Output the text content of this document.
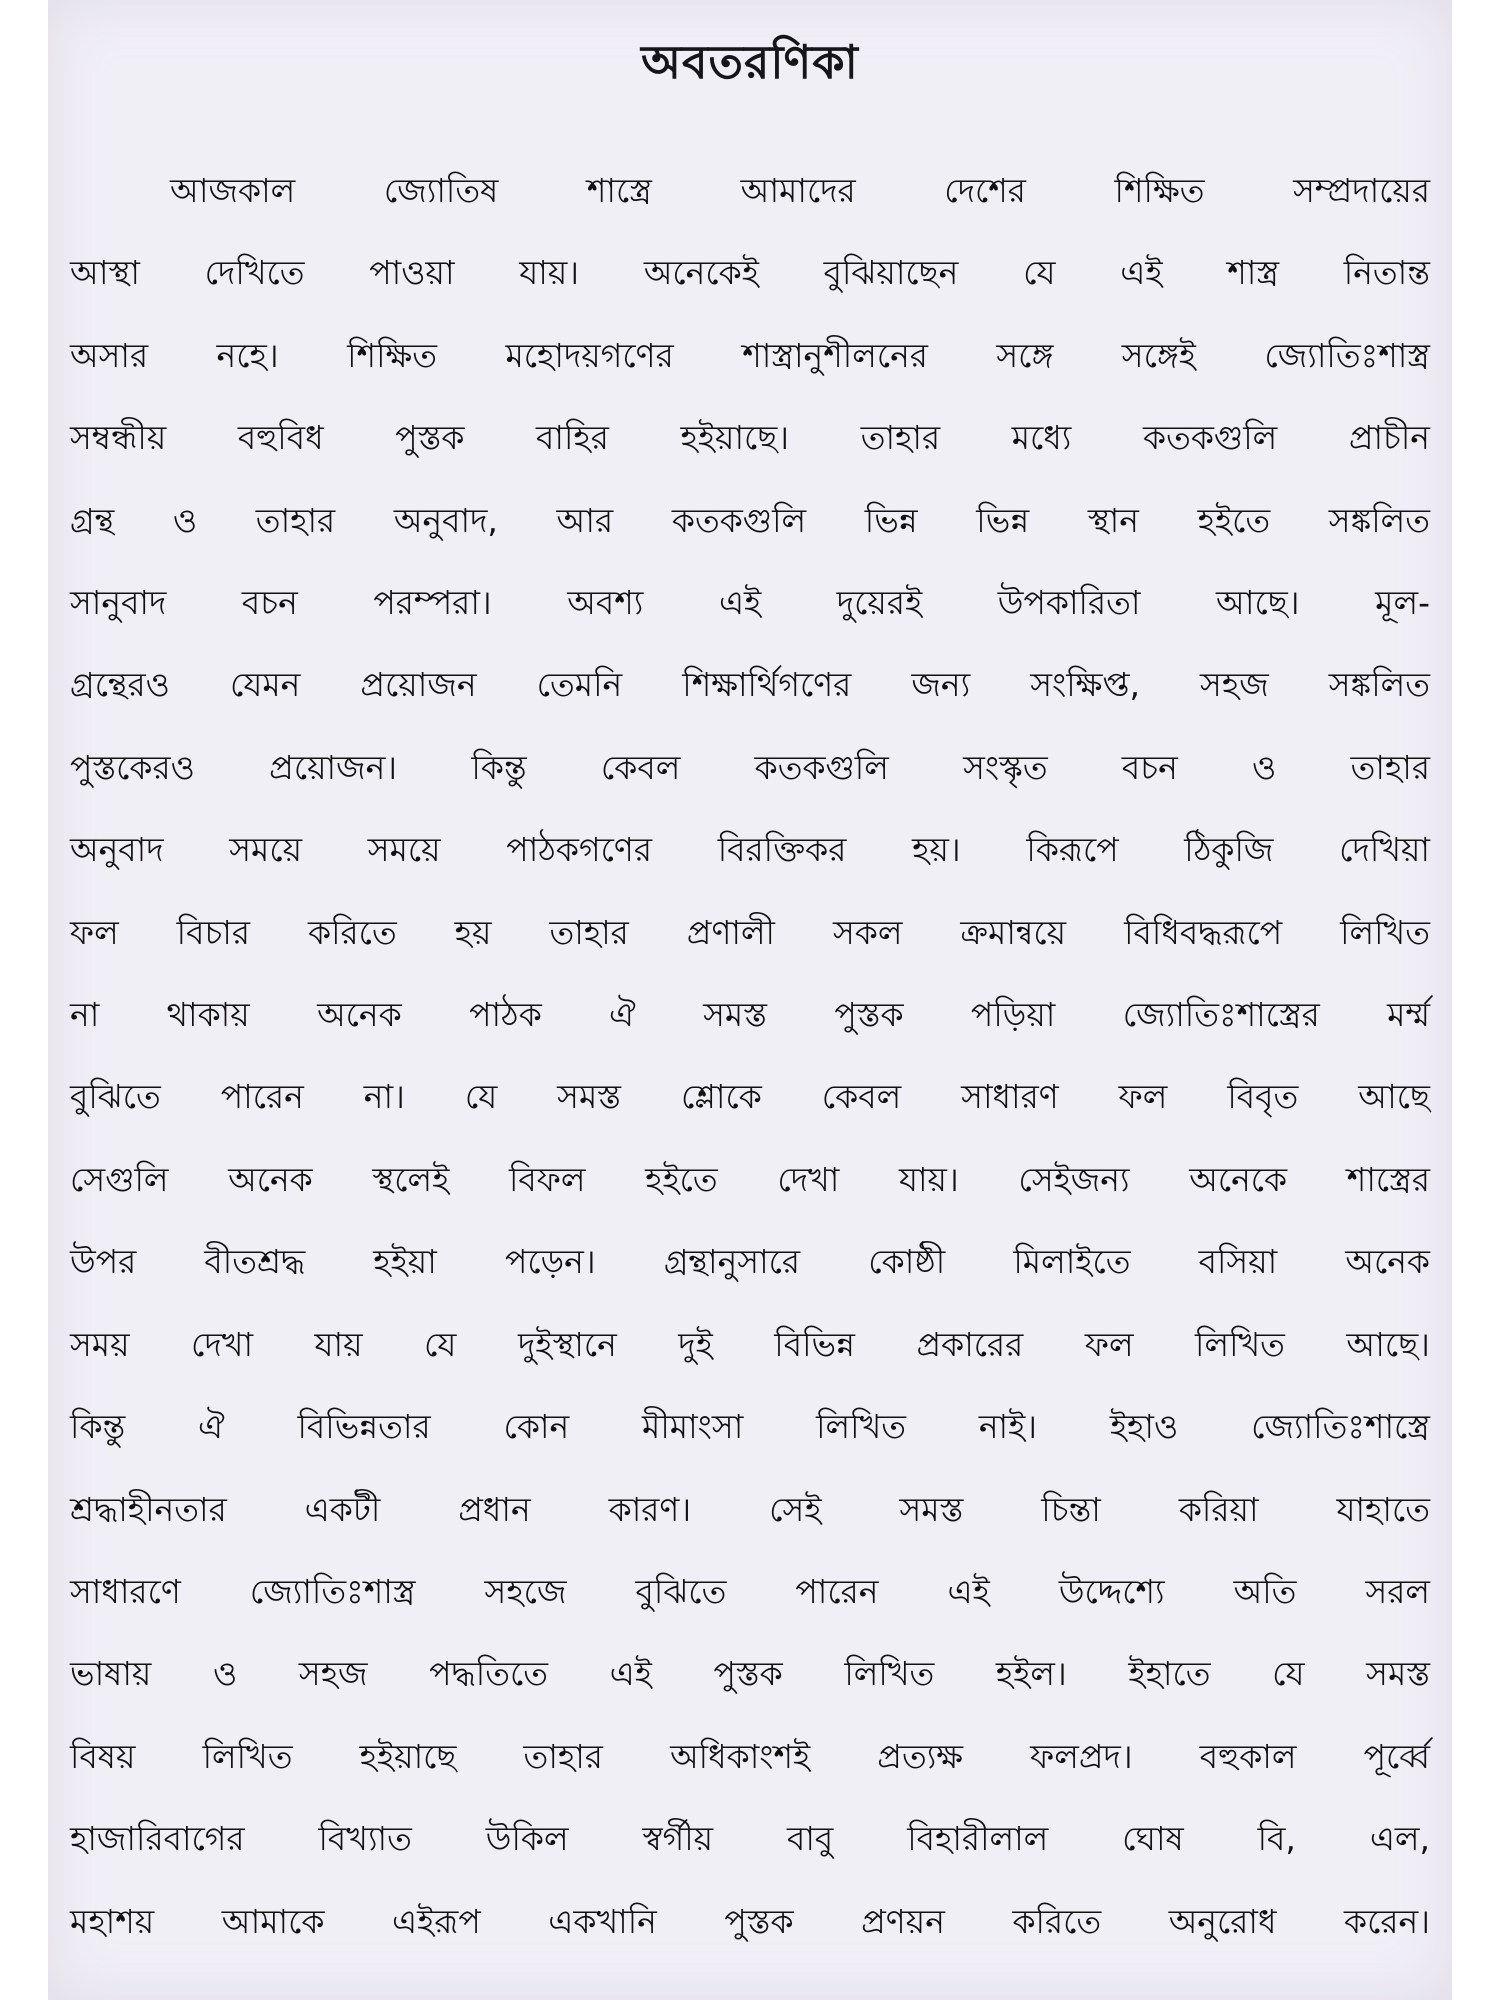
অবতরণিকা
আজকাল জ্যোতিষ শাস্ত্রে আমাদের দেশের শিক্ষিত সম্প্রদায়ের
আস্থা দেখিতে পাওয়া যায়। অনেকেই বুঝিয়াছেন যে এই শাস্ত্র নিতান্ত
অসার নহে। শিক্ষিত মহোদয়গণের শাস্ত্রানুশীলনের সঙ্গে সঙ্গেই জ্যোতিঃশাস্ত্র
সম্বন্ধীয় বহুবিধ পুস্তক বাহির হইয়াছে। তাহার মধ্যে কতকগুলি প্রাচীন
গ্রন্থ ও তাহার অনুবাদ, আর কতকগুলি ভিন্ন ভিন্ন স্থান হইতে সঙ্কলিত
সানুবাদ বচন পরম্পরা। অবশ্য এই দুয়েরই উপকারিতা আছে। মূল-
গ্রন্থেরও যেমন প্রয়োজন তেমনি শিক্ষার্থিগণের জন্য সংক্ষিপ্ত, সহজ সঙ্কলিত
পুস্তকেরও প্রয়োজন। কিন্তু কেবল কতকগুলি সংস্কৃত বচন ও তাহার
অনুবাদ সময়ে সময়ে পাঠকগণের বিরক্তিকর হয়। কিরূপে ঠিকুজি দেখিয়া
ফল বিচার করিতে হয় তাহার প্রণালী সকল ক্রমান্বয়ে বিধিবদ্ধরূপে লিখিত
না থাকায় অনেক পাঠক ঐ সমস্ত পুস্তক পড়িয়া জ্যোতিঃশাস্ত্রের মর্ম্ম
বুঝিতে পারেন না। যে সমস্ত শ্লোকে কেবল সাধারণ ফল বিবৃত আছে
সেগুলি অনেক স্থলেই বিফল হইতে দেখা যায়। সেইজন্য অনেকে শাস্ত্রের
উপর বীতশ্রদ্ধ হইয়া পড়েন। গ্রন্থানুসারে কোষ্ঠী মিলাইতে বসিয়া অনেক
সময় দেখা যায় যে দুইস্থানে দুই বিভিন্ন প্রকারের ফল লিখিত আছে।
কিন্তু ঐ বিভিন্নতার কোন মীমাংসা লিখিত নাই। ইহাও জ্যোতিঃশাস্ত্রে
শ্রদ্ধাহীনতার একটী প্রধান কারণ। সেই সমস্ত চিন্তা করিয়া যাহাতে
সাধারণে জ্যোতিঃশাস্ত্র সহজে বুঝিতে পারেন এই উদ্দেশ্যে অতি সরল
ভাষায় ও সহজ পদ্ধতিতে এই পুস্তক লিখিত হইল। ইহাতে যে সমস্ত
বিষয় লিখিত হইয়াছে তাহার অধিকাংশই প্রত্যক্ষ ফলপ্রদ। বহুকাল পূর্ব্বে
হাজারিবাগের বিখ্যাত উকিল স্বর্গীয় বাবু বিহারীলাল ঘোষ বি, এল,
মহাশয় আমাকে এইরূপ একখানি পুস্তক প্রণয়ন করিতে অনুরোধ করেন।
